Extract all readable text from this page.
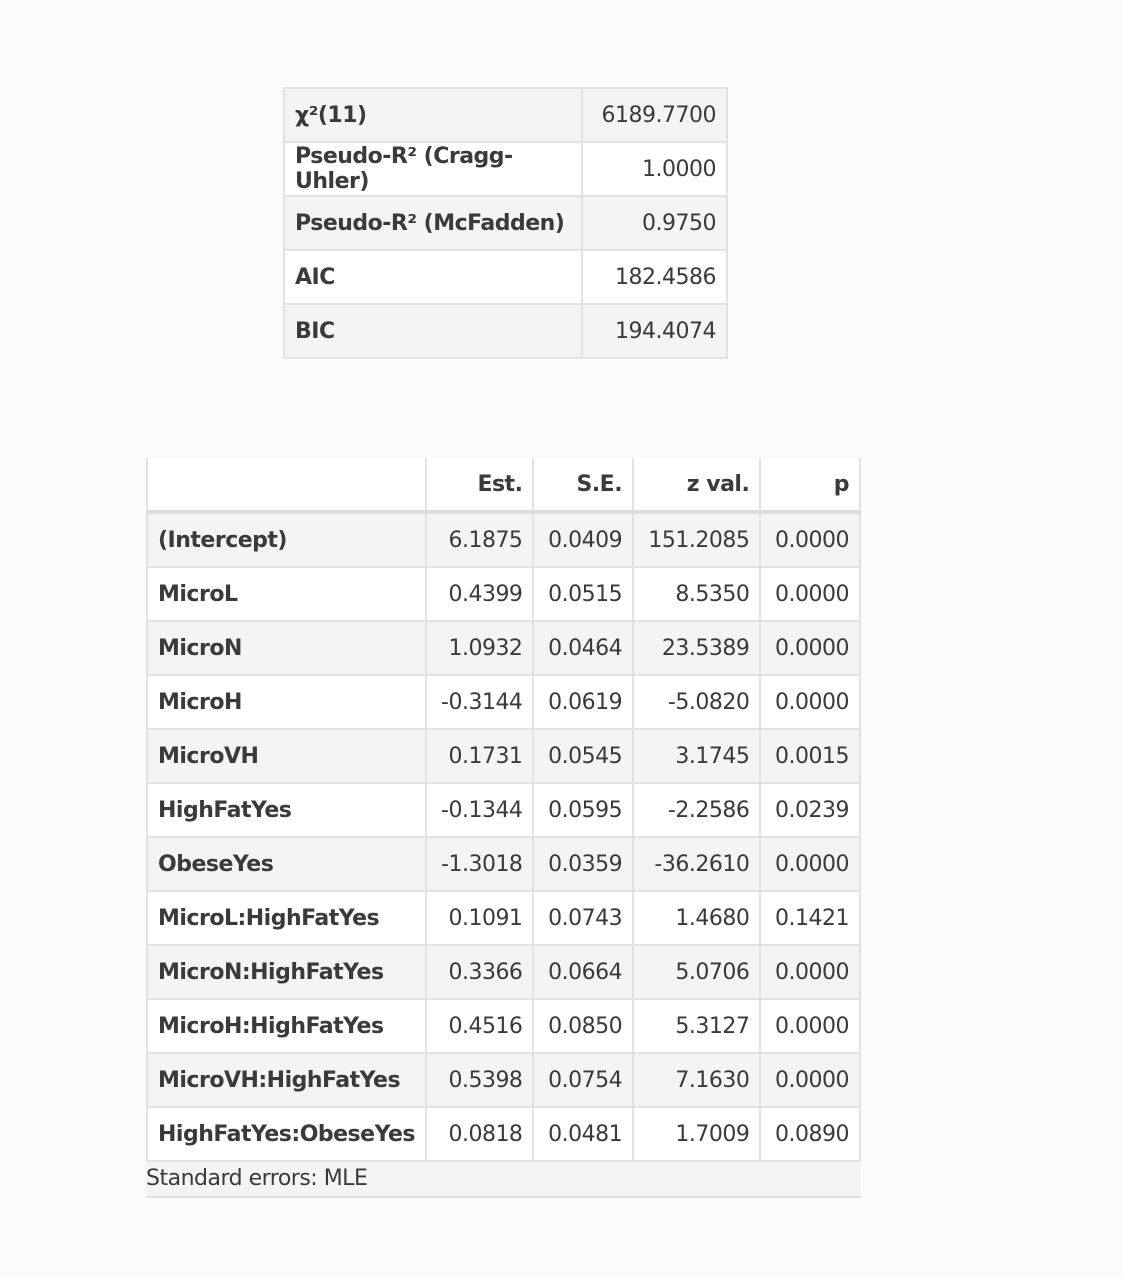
χ²(11)	6189.7700
Pseudo-R² (Cragg-Uhler)	1.0000
Pseudo-R² (McFadden)	0.9750
AIC	182.4586
BIC	194.4074
	Est.	S.E.	z val.	p
(Intercept)	6.1875	0.0409	151.2085	0.0000
MicroL	0.4399	0.0515	8.5350	0.0000
MicroN	1.0932	0.0464	23.5389	0.0000
MicroH	-0.3144	0.0619	-5.0820	0.0000
MicroVH	0.1731	0.0545	3.1745	0.0015
HighFatYes	-0.1344	0.0595	-2.2586	0.0239
ObeseYes	-1.3018	0.0359	-36.2610	0.0000
MicroL:HighFatYes	0.1091	0.0743	1.4680	0.1421
MicroN:HighFatYes	0.3366	0.0664	5.0706	0.0000
MicroH:HighFatYes	0.4516	0.0850	5.3127	0.0000
MicroVH:HighFatYes	0.5398	0.0754	7.1630	0.0000
HighFatYes:ObeseYes	0.0818	0.0481	1.7009	0.0890
Standard errors: MLE
